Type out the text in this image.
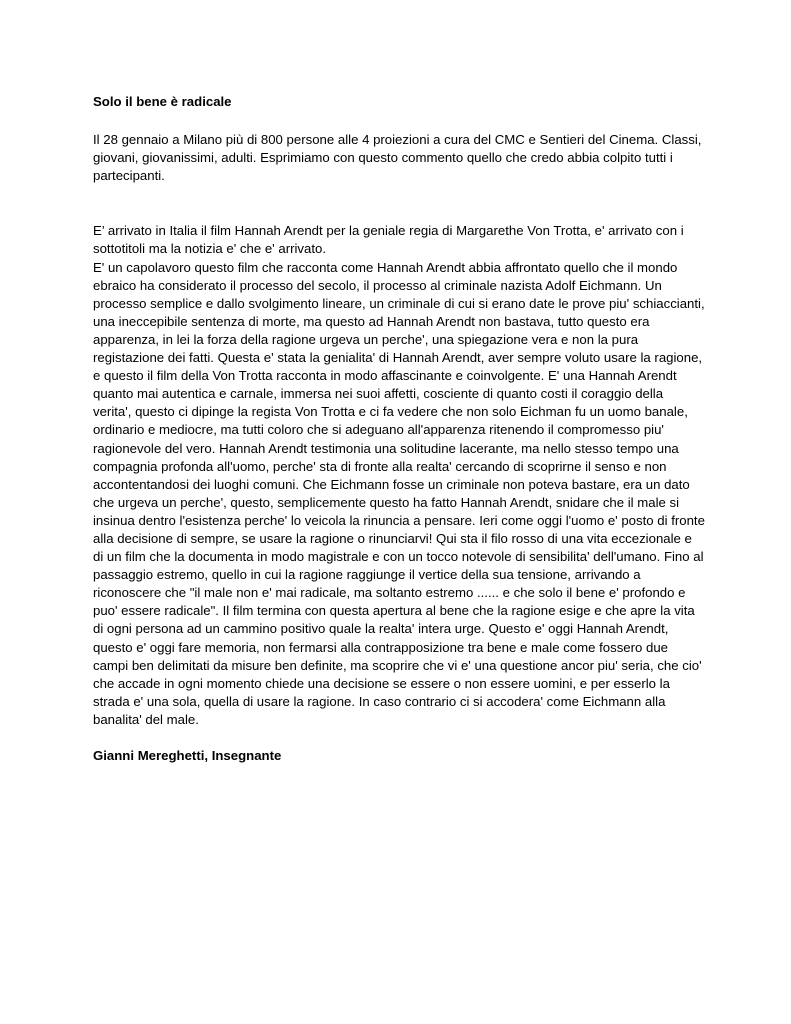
Solo il bene è radicale

Il 28 gennaio a Milano più di 800 persone alle 4 proiezioni a cura del CMC e Sentieri del Cinema. Classi, giovani, giovanissimi, adulti. Esprimiamo con questo commento quello che credo abbia colpito tutti i partecipanti.

E’ arrivato in Italia il film Hannah Arendt per la geniale regia di Margarethe Von Trotta, e' arrivato con i sottotitoli ma la notizia e' che e' arrivato.

E' un capolavoro questo film che racconta come Hannah Arendt abbia affrontato quello che il mondo ebraico ha considerato il processo del secolo, il processo al criminale nazista Adolf Eichmann. Un processo semplice e dallo svolgimento lineare, un criminale di cui si erano date le prove piu' schiaccianti, una ineccepibile sentenza di morte, ma questo ad Hannah Arendt non bastava, tutto questo era apparenza, in lei la forza della ragione urgeva un perche', una spiegazione vera e non la pura registazione dei fatti. Questa e' stata la genialita' di Hannah Arendt, aver sempre voluto usare la ragione, e questo il film della Von Trotta racconta in modo affascinante e coinvolgente. E' una Hannah Arendt quanto mai autentica e carnale, immersa nei suoi affetti, cosciente di quanto costi il coraggio della verita', questo ci dipinge la regista Von Trotta e ci fa vedere che non solo Eichman fu un uomo banale, ordinario e mediocre, ma tutti coloro che si adeguano all'apparenza ritenendo il compromesso piu' ragionevole del vero. Hannah Arendt testimonia una solitudine lacerante, ma nello stesso tempo una compagnia profonda all'uomo, perche' sta di fronte alla realta' cercando di scoprirne il senso e non accontentandosi dei luoghi comuni. Che Eichmann fosse un criminale non poteva bastare, era un dato che urgeva un perche', questo, semplicemente questo ha fatto Hannah Arendt, snidare che il male si insinua dentro l'esistenza perche' lo veicola la rinuncia a pensare. Ieri come oggi l'uomo e' posto di fronte alla decisione di sempre, se usare la ragione o rinunciarvi! Qui sta il filo rosso di una vita eccezionale e di un film che la documenta in modo magistrale e con un tocco notevole di sensibilita' dell'umano. Fino al passaggio estremo, quello in cui la ragione raggiunge il vertice della sua tensione, arrivando a riconoscere che "il male non e' mai radicale, ma soltanto estremo ...... e che solo il bene e' profondo e puo' essere radicale". Il film termina con questa apertura al bene che la ragione esige e che apre la vita di ogni persona ad un cammino positivo quale la realta' intera urge. Questo e' oggi Hannah Arendt, questo e' oggi fare memoria, non fermarsi alla contrapposizione tra bene e male come fossero due campi ben delimitati da misure ben definite, ma scoprire che vi e' una questione ancor piu' seria, che cio' che accade in ogni momento chiede una decisione se essere o non essere uomini, e per esserlo la strada e' una sola, quella di usare la ragione. In caso contrario ci si accodera' come Eichmann alla banalita' del male.

Gianni Mereghetti, Insegnante
